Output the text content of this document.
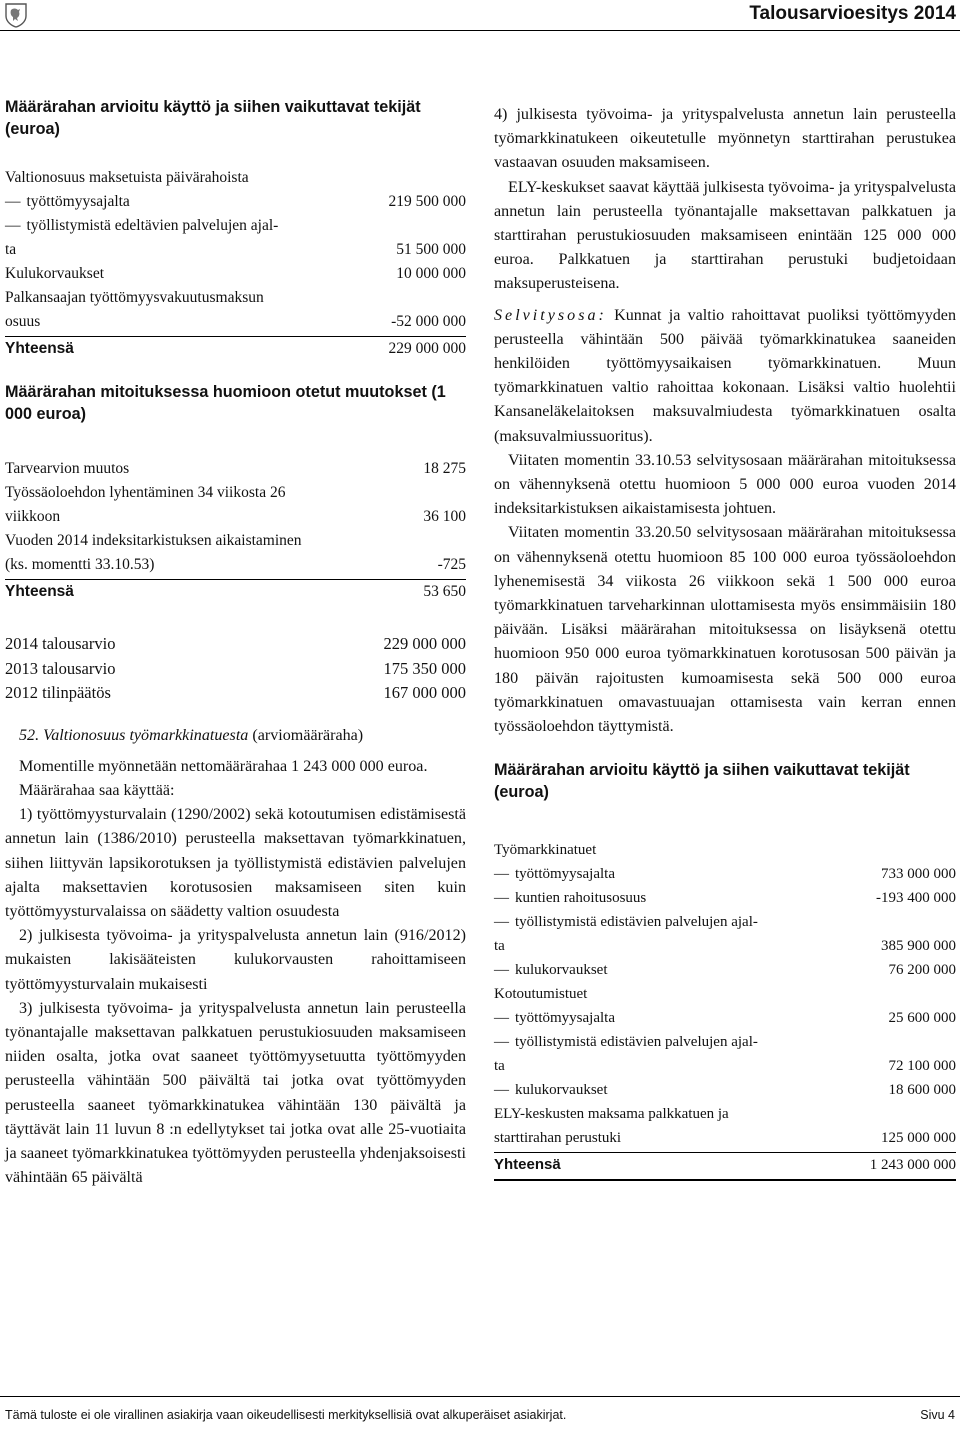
Talousarvioesitys 2014
Määrärahan arvioitu käyttö ja siihen vaikuttavat tekijät (euroa)
Valtionosuus maksetuista päivärahoista
— työttömyysajalta	219 500 000
— työllistymistä edeltävien palvelujen ajal-
ta	51 500 000
Kulukorvaukset	10 000 000
Palkansaajan työttömyysvakuutusmaksun
osuus	-52 000 000
Yhteensä	229 000 000
Määrärahan mitoituksessa huomioon otetut muutokset (1 000 euroa)
Tarvearvion muutos	18 275
Työssäoloehdon lyhentäminen 34 viikosta 26
viikkoon	36 100
Vuoden 2014 indeksitarkistuksen aikaistaminen
(ks. momentti 33.10.53)	-725
Yhteensä	53 650
2014 talousarvio	229 000 000
2013 talousarvio	175 350 000
2012 tilinpäätös	167 000 000

52. Valtionosuus työmarkkinatuesta (arviomääräraha)

Momentille myönnetään nettomäärärahaa 1 243 000 000 euroa.

Määrärahaa saa käyttää:

1) työttömyysturvalain (1290/2002) sekä kotoutumisen edistämisestä annetun lain (1386/2010) perusteella maksettavan työmarkkinatuen, siihen liittyvän lapsikorotuksen ja työllistymistä edistävien palvelujen ajalta maksettavien korotusosien maksamiseen siten kuin työttömyysturvalaissa on säädetty valtion osuudesta

2) julkisesta työvoima- ja yrityspalvelusta annetun lain (916/2012) mukaisten lakisääteisten kulukorvausten rahoittamiseen työttömyysturvalain mukaisesti

3) julkisesta työvoima- ja yrityspalvelusta annetun lain perusteella työnantajalle maksettavan palkkatuen perustukiosuuden maksamiseen niiden osalta, jotka ovat saaneet työttömyysetuutta työttömyyden perusteella vähintään 500 päivältä tai jotka ovat työttömyyden perusteella saaneet työmarkkinatukea vähintään 130 päivältä ja täyttävät lain 11 luvun 8 :n edellytykset tai jotka ovat alle 25-vuotiaita ja saaneet työmarkkinatukea työttömyyden perusteella yhdenjaksoisesti vähintään 65 päivältä

4) julkisesta työvoima- ja yrityspalvelusta annetun lain perusteella työmarkkinatukeen oikeutetulle myönnetyn starttirahan perustukea vastaavan osuuden maksamiseen.

ELY-keskukset saavat käyttää julkisesta työvoima- ja yrityspalvelusta annetun lain perusteella työnantajalle maksettavan palkkatuen ja starttirahan perustukiosuuden maksamiseen enintään 125 000 000 euroa. Palkkatuen ja starttirahan perustuki budjetoidaan maksuperusteisena.

Selvitysosa: Kunnat ja valtio rahoittavat puoliksi työttömyyden perusteella vähintään 500 päivää työmarkkinatukea saaneiden henkilöiden työttömyysaikaisen työmarkkinatuen. Muun työmarkkinatuen valtio rahoittaa kokonaan. Lisäksi valtio huolehtii Kansaneläkelaitoksen maksuvalmiudesta työmarkkinatuen osalta (maksuvalmiussuoritus).

Viitaten momentin 33.10.53 selvitysosaan määrärahan mitoituksessa on vähennyksenä otettu huomioon 5 000 000 euroa vuoden 2014 indeksitarkistuksen aikaistamisesta johtuen.

Viitaten momentin 33.20.50 selvitysosaan määrärahan mitoituksessa on vähennyksenä otettu huomioon 85 100 000 euroa työssäoloehdon lyhenemisestä 34 viikosta 26 viikkoon sekä 1 500 000 euroa työmarkkinatuen tarveharkinnan ulottamisesta myös ensimmäisiin 180 päivään. Lisäksi määrärahan mitoituksessa on lisäyksenä otettu huomioon 950 000 euroa työmarkkinatuen korotusosan 500 päivän ja 180 päivän rajoitusten kumoamisesta sekä 500 000 euroa työmarkkinatuen omavastuuajan ottamisesta vain kerran ennen työssäoloehdon täyttymistä.

Määrärahan arvioitu käyttö ja siihen vaikuttavat tekijät (euroa)
Työmarkkinatuet
— työttömyysajalta	733 000 000
— kuntien rahoitusosuus	-193 400 000
— työllistymistä edistävien palvelujen ajal-
ta	385 900 000
— kulukorvaukset	76 200 000
Kotoutumistuet
— työttömyysajalta	25 600 000
— työllistymistä edistävien palvelujen ajal-
ta	72 100 000
— kulukorvaukset	18 600 000
ELY-keskusten maksama palkkatuen ja
starttirahan perustuki	125 000 000
Yhteensä	1 243 000 000
Tämä tuloste ei ole virallinen asiakirja vaan oikeudellisesti merkityksellisiä ovat alkuperäiset asiakirjat.	Sivu 4
